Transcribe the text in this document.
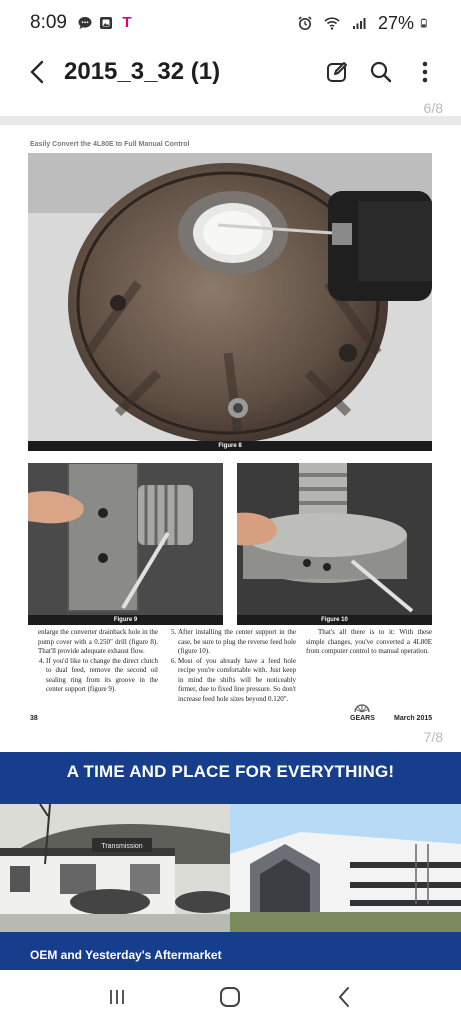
8:09	T	27%
2015_3_32 (1)
6/8
Easily Convert the 4L80E to Full Manual Control
Figure 8
Figure 9	Figure 10

enlarge the converter drainback hole in the pump cover with a 0.250" drill (figure 8). That'll provide adequate exhaust flow.

4. If you'd like to change the direct clutch to dual feed, remove the second oil sealing ring from its groove in the center support (figure 9).
5. After installing the center support in the case, be sure to plug the reverse feed hole (figure 10).
6. Most of you already have a feed hole recipe you're comfortable with. Just keep in mind the shifts will be noticeably firmer, due to fixed line pressure. So don't increase feed hole sizes beyond 0.120".

That's all there is to it: With these simple changes, you've converted a 4L80E from computer control to manual operation.

38	GEARS	March 2015
7/8
A TIME AND PLACE FOR EVERYTHING!
Transmission
OEM and Yesterday's Aftermarket
